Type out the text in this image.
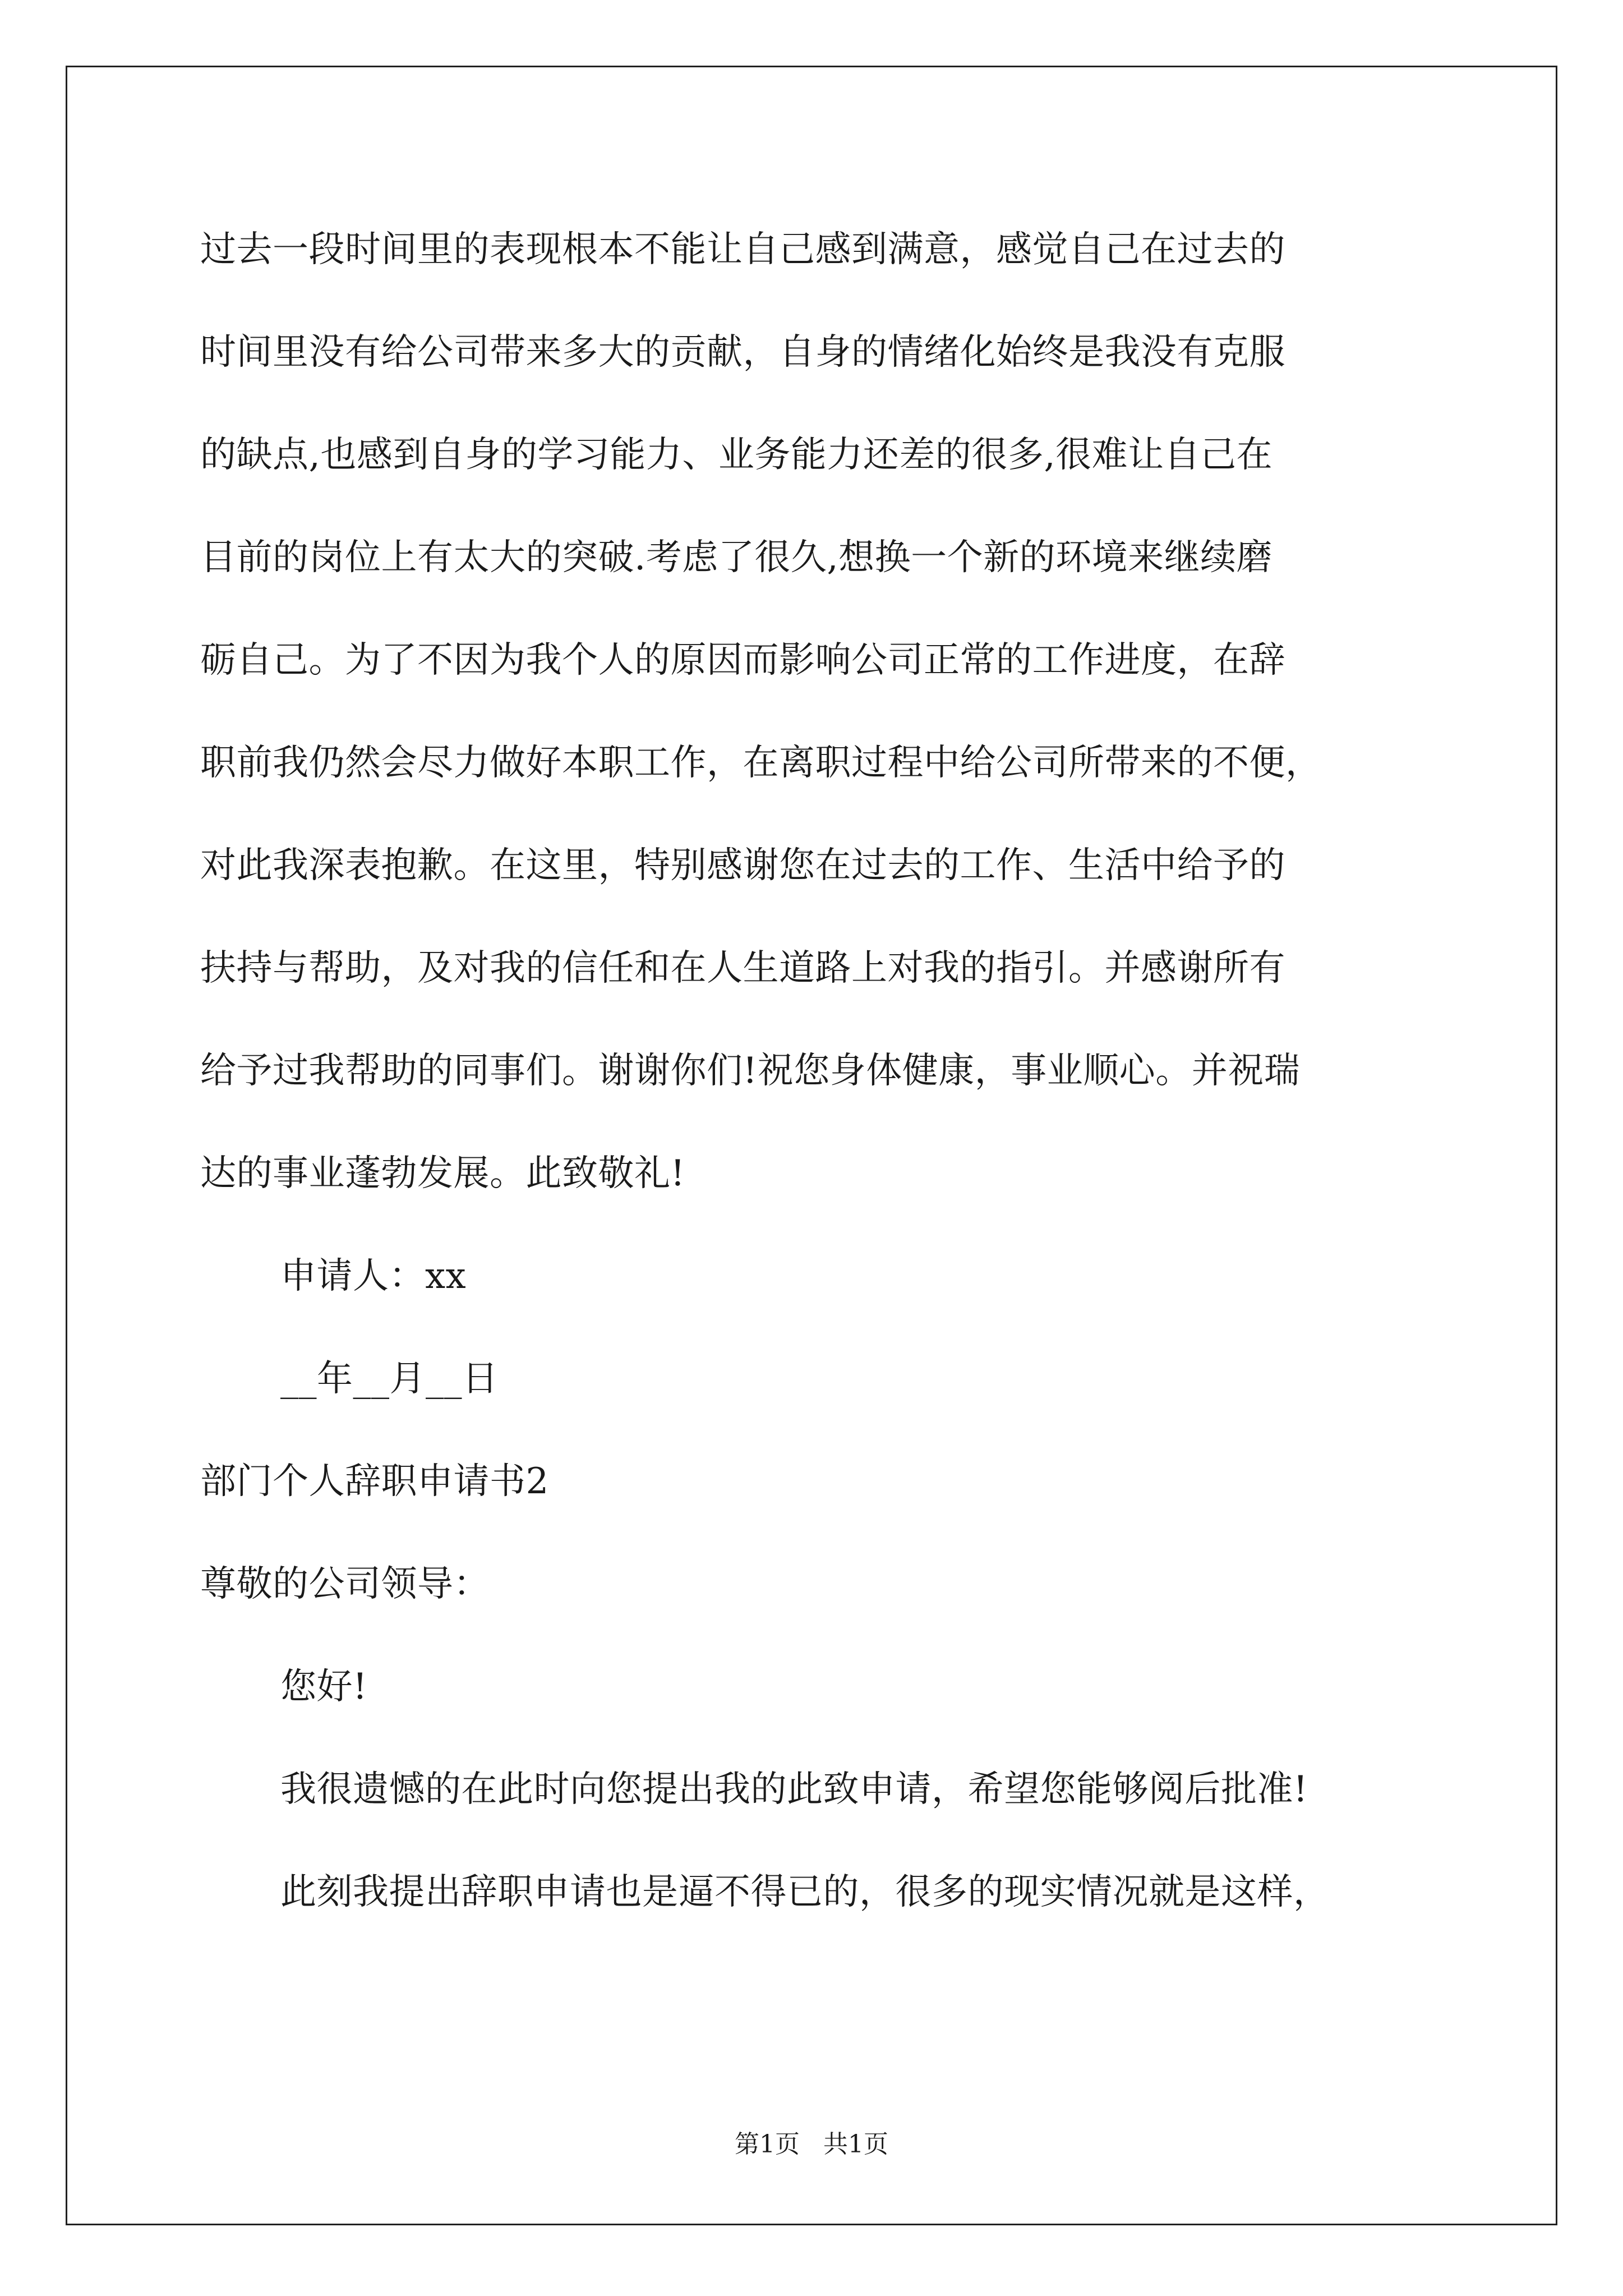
过去一段时间里的表现根本不能让自己感到满意，感觉自己在过去的
时间里没有给公司带来多大的贡献，自身的情绪化始终是我没有克服
的缺点,也感到自身的学习能力、业务能力还差的很多,很难让自己在
目前的岗位上有太大的突破.考虑了很久,想换一个新的环境来继续磨
砺自己。为了不因为我个人的原因而影响公司正常的工作进度，在辞
职前我仍然会尽力做好本职工作，在离职过程中给公司所带来的不便，
对此我深表抱歉。在这里，特别感谢您在过去的工作、生活中给予的
扶持与帮助，及对我的信任和在人生道路上对我的指引。并感谢所有
给予过我帮助的同事们。谢谢你们!祝您身体健康，事业顺心。并祝瑞
达的事业蓬勃发展。此致敬礼!
申请人：xx
__年__月__日
部门个人辞职申请书2
尊敬的公司领导：
您好!
我很遗憾的在此时向您提出我的此致申请，希望您能够阅后批准!
此刻我提出辞职申请也是逼不得已的，很多的现实情况就是这样，
第1页   共1页
